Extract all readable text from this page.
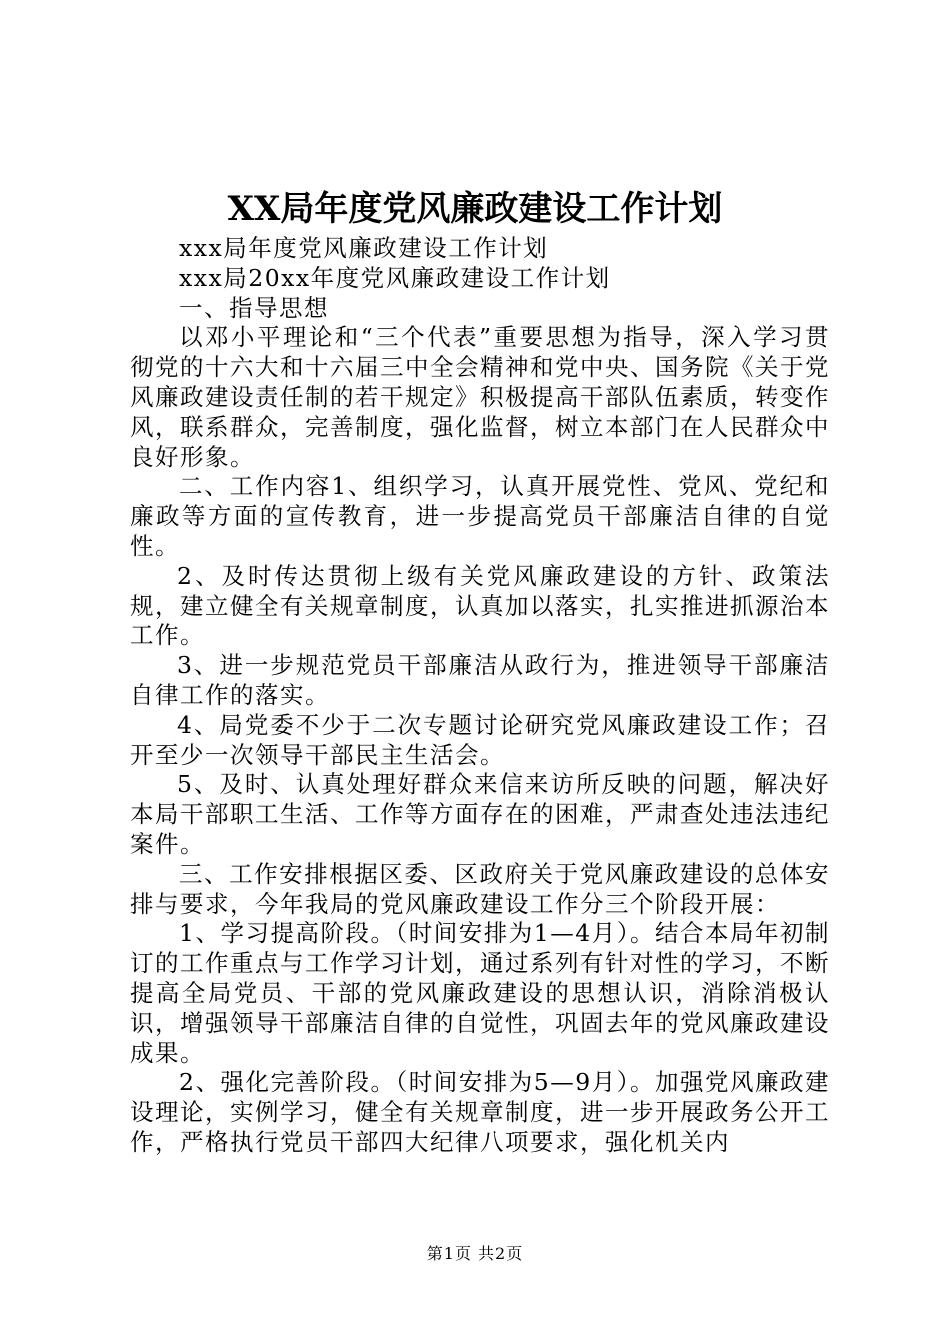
XX局年度党风廉政建设工作计划

xxx局年度党风廉政建设工作计划

xxx局20xx年度党风廉政建设工作计划

一、指导思想

以邓小平理论和“三个代表”重要思想为指导，深入学习贯彻党的十六大和十六届三中全会精神和党中央、国务院《关于党风廉政建设责任制的若干规定》积极提高干部队伍素质，转变作风，联系群众，完善制度，强化监督，树立本部门在人民群众中良好形象。

二、工作内容1、组织学习，认真开展党性、党风、党纪和廉政等方面的宣传教育，进一步提高党员干部廉洁自律的自觉性。

2、及时传达贯彻上级有关党风廉政建设的方针、政策法规，建立健全有关规章制度，认真加以落实，扎实推进抓源治本工作。

3、进一步规范党员干部廉洁从政行为，推进领导干部廉洁自律工作的落实。

4、局党委不少于二次专题讨论研究党风廉政建设工作；召开至少一次领导干部民主生活会。

5、及时、认真处理好群众来信来访所反映的问题，解决好本局干部职工生活、工作等方面存在的困难，严肃查处违法违纪案件。

三、工作安排根据区委、区政府关于党风廉政建设的总体安排与要求，今年我局的党风廉政建设工作分三个阶段开展：

1、学习提高阶段。（时间安排为1—4月）。结合本局年初制订的工作重点与工作学习计划，通过系列有针对性的学习，不断提高全局党员、干部的党风廉政建设的思想认识，消除消极认识，增强领导干部廉洁自律的自觉性，巩固去年的党风廉政建设成果。

2、强化完善阶段。（时间安排为5—9月）。加强党风廉政建设理论，实例学习，健全有关规章制度，进一步开展政务公开工作，严格执行党员干部四大纪律八项要求，强化机关内

第1页 共2页
